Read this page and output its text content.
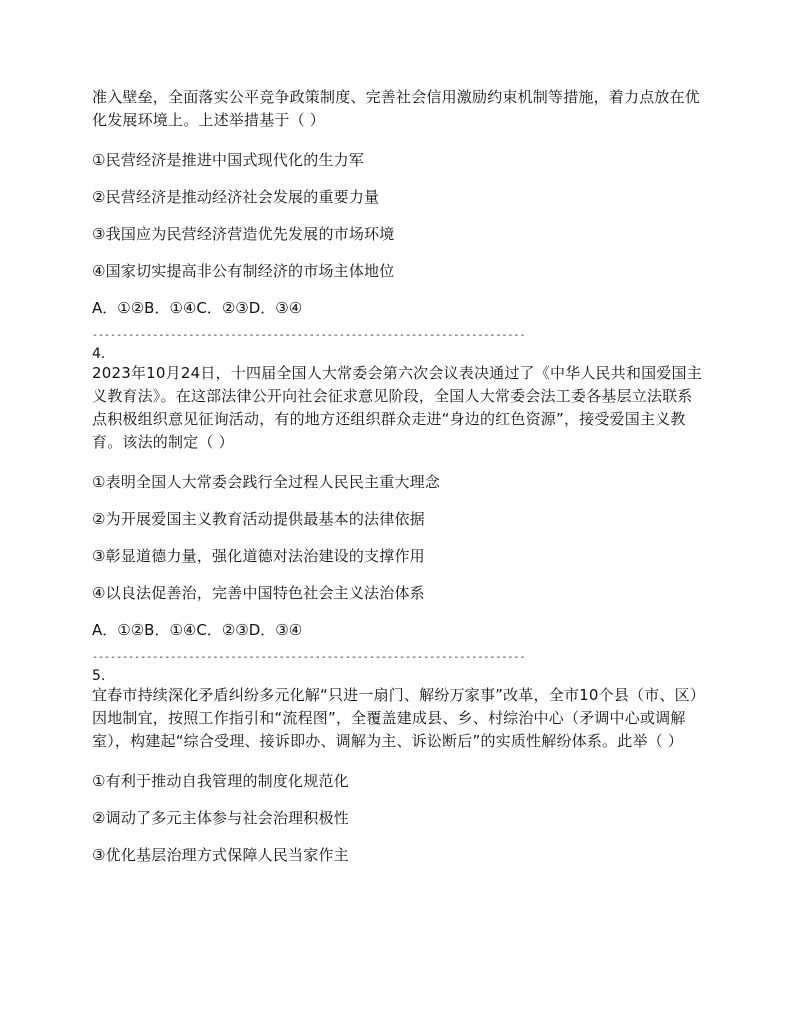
准入壁垒，全面落实公平竞争政策制度、完善社会信用激励约束机制等措施，着力点放在优化发展环境上。上述举措基于（ ）

①民营经济是推进中国式现代化的生力军

②民营经济是推动经济社会发展的重要力量

③我国应为民营经济营造优先发展的市场环境

④国家切实提高非公有制经济的市场主体地位

A．①②B．①④C．②③D．③④

------------------------------------------------------------------------

4.

2023年10月24日，十四届全国人大常委会第六次会议表决通过了《中华人民共和国爱国主义教育法》。在这部法律公开向社会征求意见阶段，全国人大常委会法工委各基层立法联系点积极组织意见征询活动，有的地方还组织群众走进“身边的红色资源”，接受爱国主义教育。该法的制定（ ）

①表明全国人大常委会践行全过程人民民主重大理念

②为开展爱国主义教育活动提供最基本的法律依据

③彰显道德力量，强化道德对法治建设的支撑作用

④以良法促善治，完善中国特色社会主义法治体系

A．①②B．①④C．②③D．③④

------------------------------------------------------------------------

5.

宜春市持续深化矛盾纠纷多元化解“只进一扇门、解纷万家事”改革，全市10个县（市、区）因地制宜，按照工作指引和“流程图”，全覆盖建成县、乡、村综治中心（矛调中心或调解室），构建起“综合受理、接诉即办、调解为主、诉讼断后”的实质性解纷体系。此举（ ）

①有利于推动自我管理的制度化规范化

②调动了多元主体参与社会治理积极性

③优化基层治理方式保障人民当家作主
